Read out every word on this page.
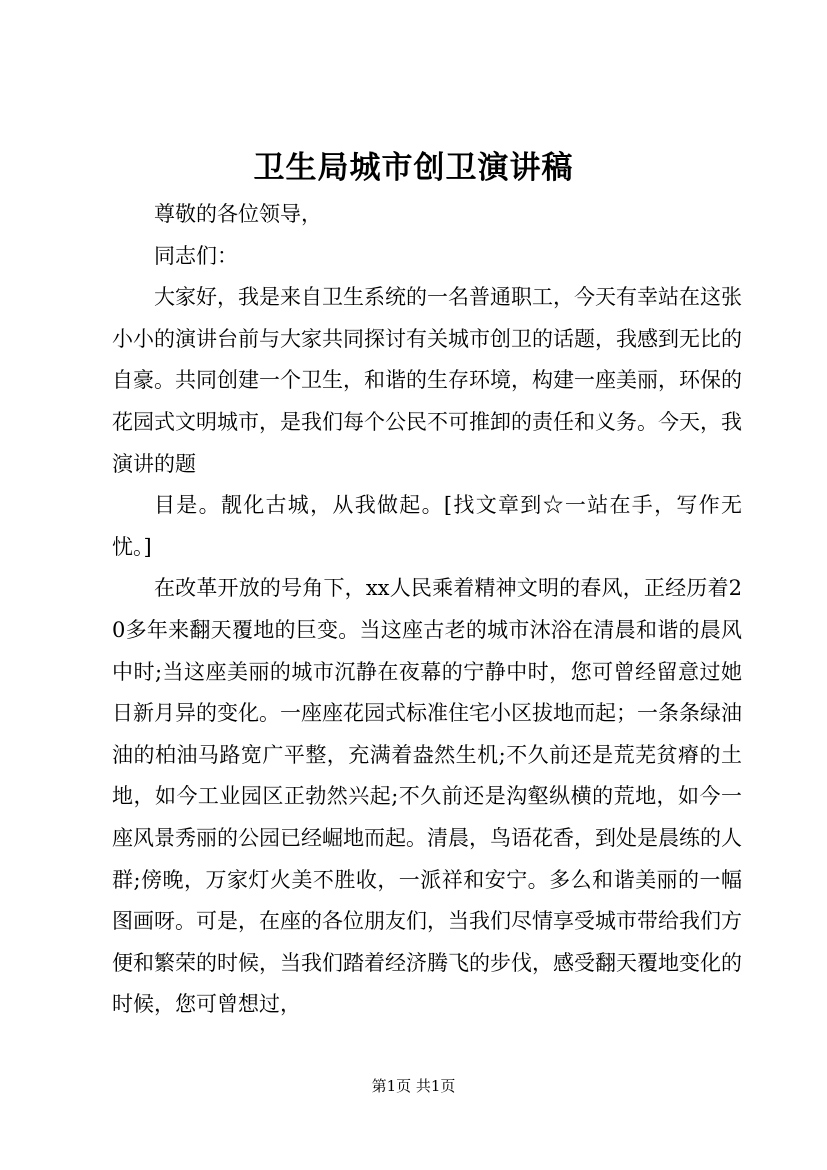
卫生局城市创卫演讲稿

尊敬的各位领导，

同志们：

大家好，我是来自卫生系统的一名普通职工，今天有幸站在这张小小的演讲台前与大家共同探讨有关城市创卫的话题，我感到无比的自豪。共同创建一个卫生，和谐的生存环境，构建一座美丽，环保的花园式文明城市，是我们每个公民不可推卸的责任和义务。今天，我演讲的题

目是。靓化古城，从我做起。[找文章到☆一站在手，写作无忧。]

在改革开放的号角下，xx人民乘着精神文明的春风，正经历着20多年来翻天覆地的巨变。当这座古老的城市沐浴在清晨和谐的晨风中时;当这座美丽的城市沉静在夜幕的宁静中时，您可曾经留意过她日新月异的变化。一座座花园式标准住宅小区拔地而起；一条条绿油油的柏油马路宽广平整，充满着盎然生机;不久前还是荒芜贫瘠的土地，如今工业园区正勃然兴起;不久前还是沟壑纵横的荒地，如今一座风景秀丽的公园已经崛地而起。清晨，鸟语花香，到处是晨练的人群;傍晚，万家灯火美不胜收，一派祥和安宁。多么和谐美丽的一幅图画呀。可是，在座的各位朋友们，当我们尽情享受城市带给我们方便和繁荣的时候，当我们踏着经济腾飞的步伐，感受翻天覆地变化的时候，您可曾想过，

第1页 共1页
